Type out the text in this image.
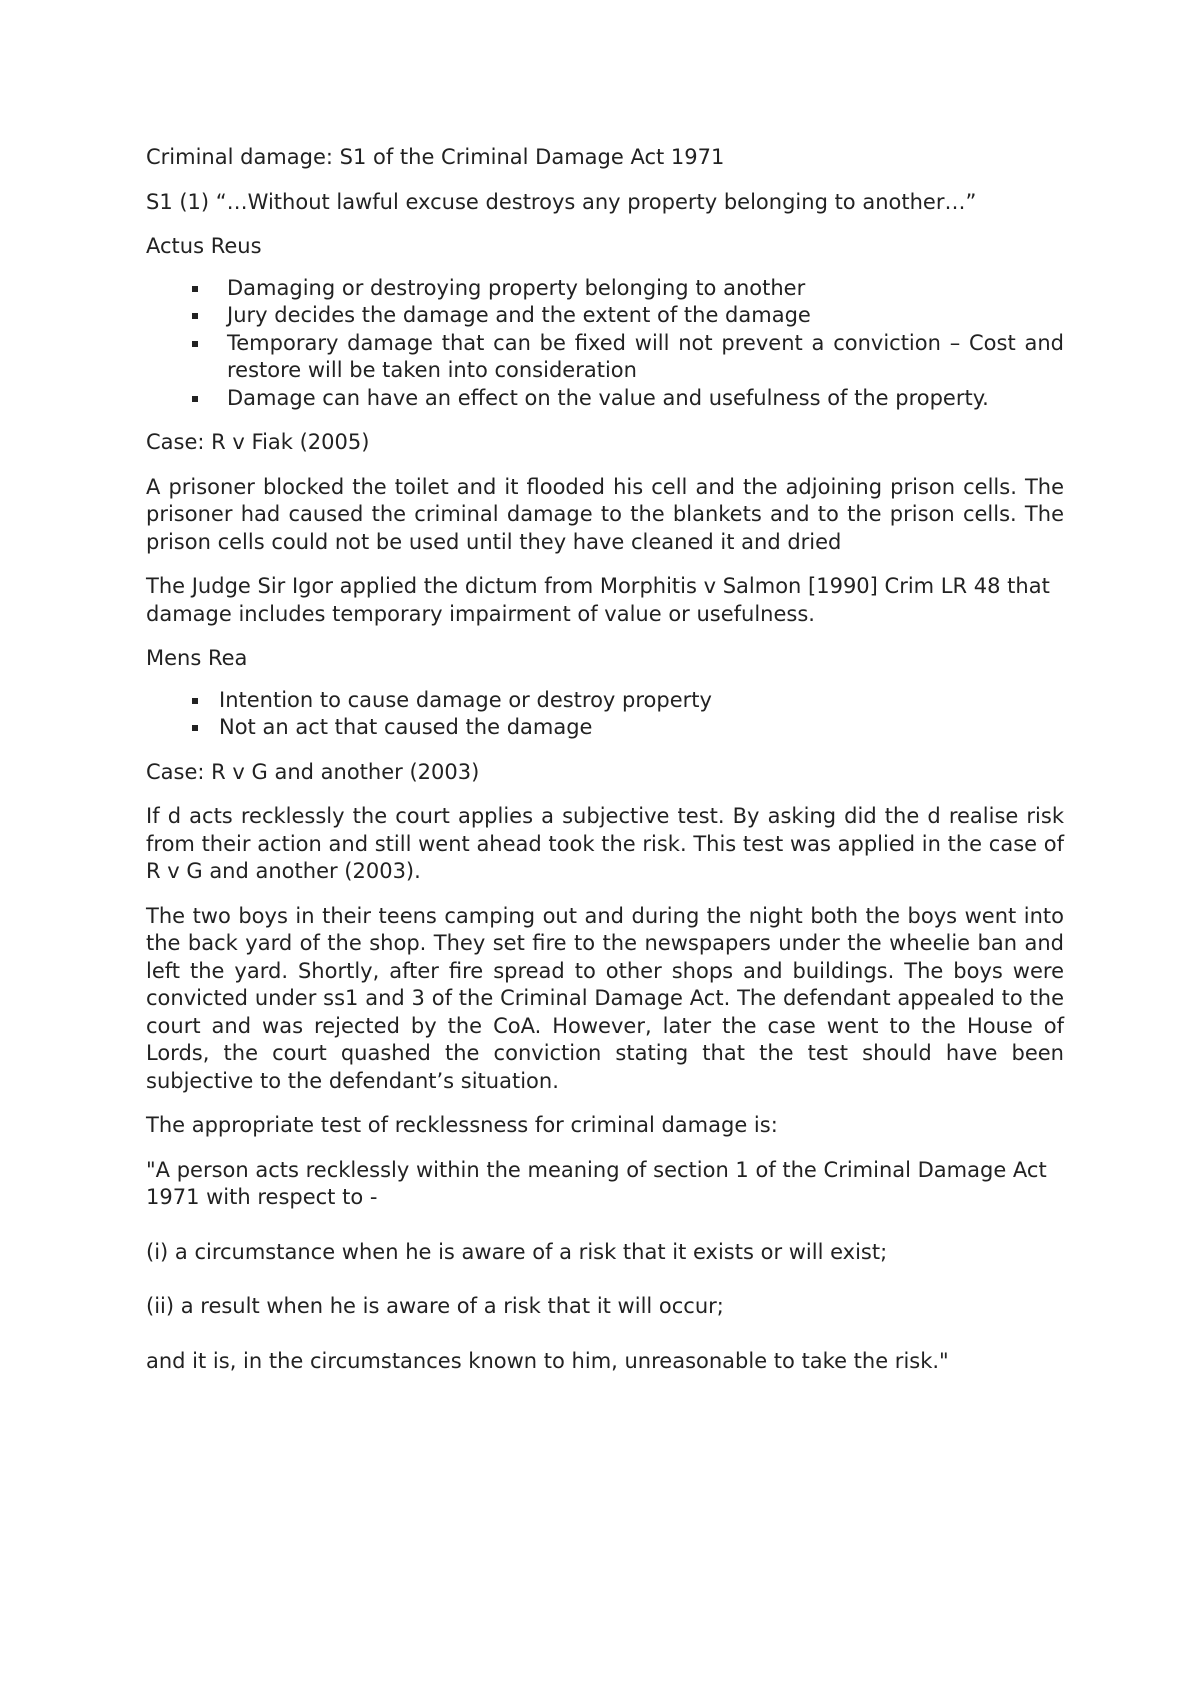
Criminal damage: S1 of the Criminal Damage Act 1971

S1 (1) “…Without lawful excuse destroys any property belonging to another…”

Actus Reus

Damaging or destroying property belonging to another
Jury decides the damage and the extent of the damage
Temporary damage that can be fixed will not prevent a conviction – Cost and restore will be taken into consideration
Damage can have an effect on the value and usefulness of the property.

Case: R v Fiak (2005)

A prisoner blocked the toilet and it flooded his cell and the adjoining prison cells. The prisoner had caused the criminal damage to the blankets and to the prison cells. The prison cells could not be used until they have cleaned it and dried

The Judge Sir Igor applied the dictum from Morphitis v Salmon [1990] Crim LR 48 that damage includes temporary impairment of value or usefulness.

Mens Rea

Intention to cause damage or destroy property
Not an act that caused the damage

Case: R v G and another (2003)

If d acts recklessly the court applies a subjective test. By asking did the d realise risk from their action and still went ahead took the risk. This test was applied in the case of R v G and another (2003).

The two boys in their teens camping out and during the night both the boys went into the back yard of the shop. They set fire to the newspapers under the wheelie ban and left the yard. Shortly, after fire spread to other shops and buildings. The boys were convicted under ss1 and 3 of the Criminal Damage Act. The defendant appealed to the court and was rejected by the CoA. However, later the case went to the House of Lords, the court quashed the conviction stating that the test should have been subjective to the defendant’s situation.

The appropriate test of recklessness for criminal damage is:

"A person acts recklessly within the meaning of section 1 of the Criminal Damage Act 1971 with respect to -

(i) a circumstance when he is aware of a risk that it exists or will exist;

(ii) a result when he is aware of a risk that it will occur;

and it is, in the circumstances known to him, unreasonable to take the risk."
